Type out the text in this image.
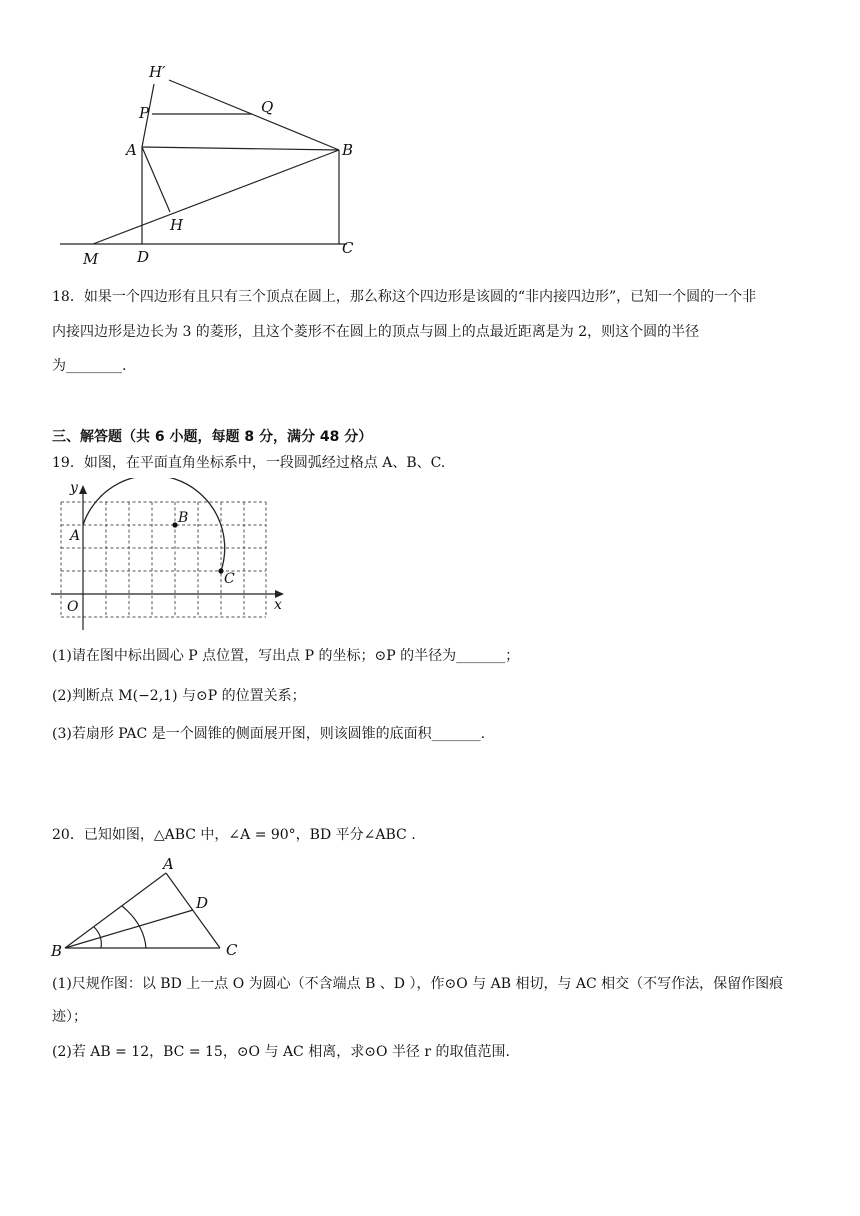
H′
P	Q
A	B
H
M	D	C
18．如果一个四边形有且只有三个顶点在圆上，那么称这个四边形是该圆的“非内接四边形”，已知一个圆的一个非
内接四边形是边长为 3 的菱形，且这个菱形不在圆上的顶点与圆上的点最近距离是为 2，则这个圆的半径
为________.
三、解答题（共 6 小题，每题 8 分，满分 48 分）
19．如图，在平面直角坐标系中，一段圆弧经过格点 A、B、C.
y
x
O
A
B
C
(1)请在图中标出圆心 P 点位置，写出点 P 的坐标；⊙P 的半径为_______；
(2)判断点 M(−2,1) 与⊙P 的位置关系；
(3)若扇形 PAC 是一个圆锥的侧面展开图，则该圆锥的底面积_______.
20．已知如图，△ABC 中，∠A = 90°，BD 平分∠ABC .
A
D
B	C
(1)尺规作图：以 BD 上一点 O 为圆心（不含端点 B 、D ），作⊙O 与 AB 相切，与 AC 相交（不写作法，保留作图痕
迹）；
(2)若 AB = 12，BC = 15，⊙O 与 AC 相离，求⊙O 半径 r 的取值范围.
